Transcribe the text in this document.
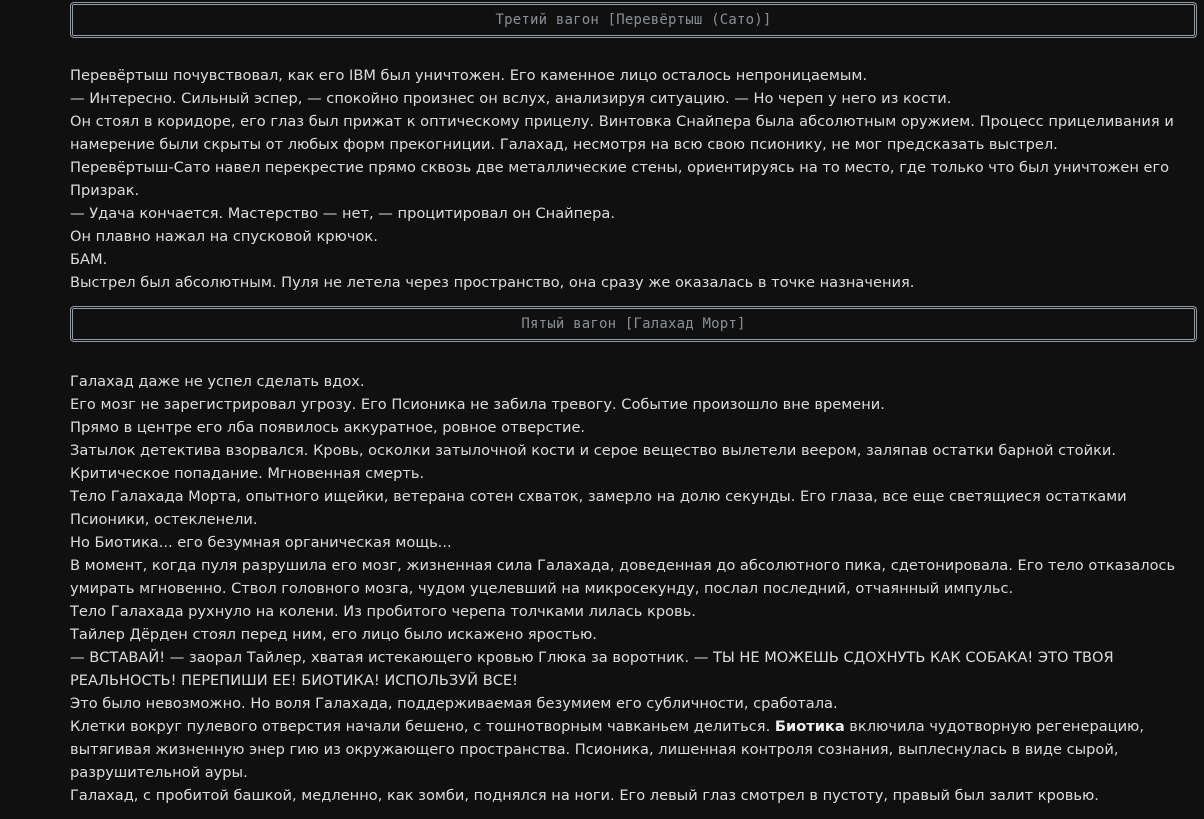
Третий вагон [Перевёртыш (Сато)]

Перевёртыш почувствовал, как его IBM был уничтожен. Его каменное лицо осталось непроницаемым.

— Интересно. Сильный эспер, — спокойно произнес он вслух, анализируя ситуацию. — Но череп у него из кости.

Он стоял в коридоре, его глаз был прижат к оптическому прицелу. Винтовка Снайпера была абсолютным оружием. Процесс прицеливания и намерение были скрыты от любых форм прекогниции. Галахад, несмотря на всю свою псионику, не мог предсказать выстрел.

Перевёртыш-Сато навел перекрестие прямо сквозь две металлические стены, ориентируясь на то место, где только что был уничтожен его Призрак.

— Удача кончается. Мастерство — нет, — процитировал он Снайпера.

Он плавно нажал на спусковой крючок.

БАМ.

Выстрел был абсолютным. Пуля не летела через пространство, она сразу же оказалась в точке назначения.

Пятый вагон [Галахад Морт]

Галахад даже не успел сделать вдох.

Его мозг не зарегистрировал угрозу. Его Псионика не забила тревогу. Событие произошло вне времени.

Прямо в центре его лба появилось аккуратное, ровное отверстие.

Затылок детектива взорвался. Кровь, осколки затылочной кости и серое вещество вылетели веером, заляпав остатки барной стойки.

Критическое попадание. Мгновенная смерть.

Тело Галахада Морта, опытного ищейки, ветерана сотен схваток, замерло на долю секунды. Его глаза, все еще светящиеся остатками Псионики, остекленели.

Но Биотика... его безумная органическая мощь...

В момент, когда пуля разрушила его мозг, жизненная сила Галахада, доведенная до абсолютного пика, сдетонировала. Его тело отказалось умирать мгновенно. Ствол головного мозга, чудом уцелевший на микросекунду, послал последний, отчаянный импульс.

Тело Галахада рухнуло на колени. Из пробитого черепа толчками лилась кровь.

Тайлер Дёрден стоял перед ним, его лицо было искажено яростью.

— ВСТАВАЙ! — заорал Тайлер, хватая истекающего кровью Глюка за воротник. — ТЫ НЕ МОЖЕШЬ СДОХНУТЬ КАК СОБАКА! ЭТО ТВОЯ РЕАЛЬНОСТЬ! ПЕРЕПИШИ ЕЕ! БИОТИКА! ИСПОЛЬЗУЙ ВСЕ!

Это было невозможно. Но воля Галахада, поддерживаемая безумием его субличности, сработала.

Клетки вокруг пулевого отверстия начали бешено, с тошнотворным чавканьем делиться. Биотика включила чудотворную регенерацию, вытягивая жизненную энер гию из окружающего пространства. Псионика, лишенная контроля сознания, выплеснулась в виде сырой, разрушительной ауры.

Галахад, с пробитой башкой, медленно, как зомби, поднялся на ноги. Его левый глаз смотрел в пустоту, правый был залит кровью.
